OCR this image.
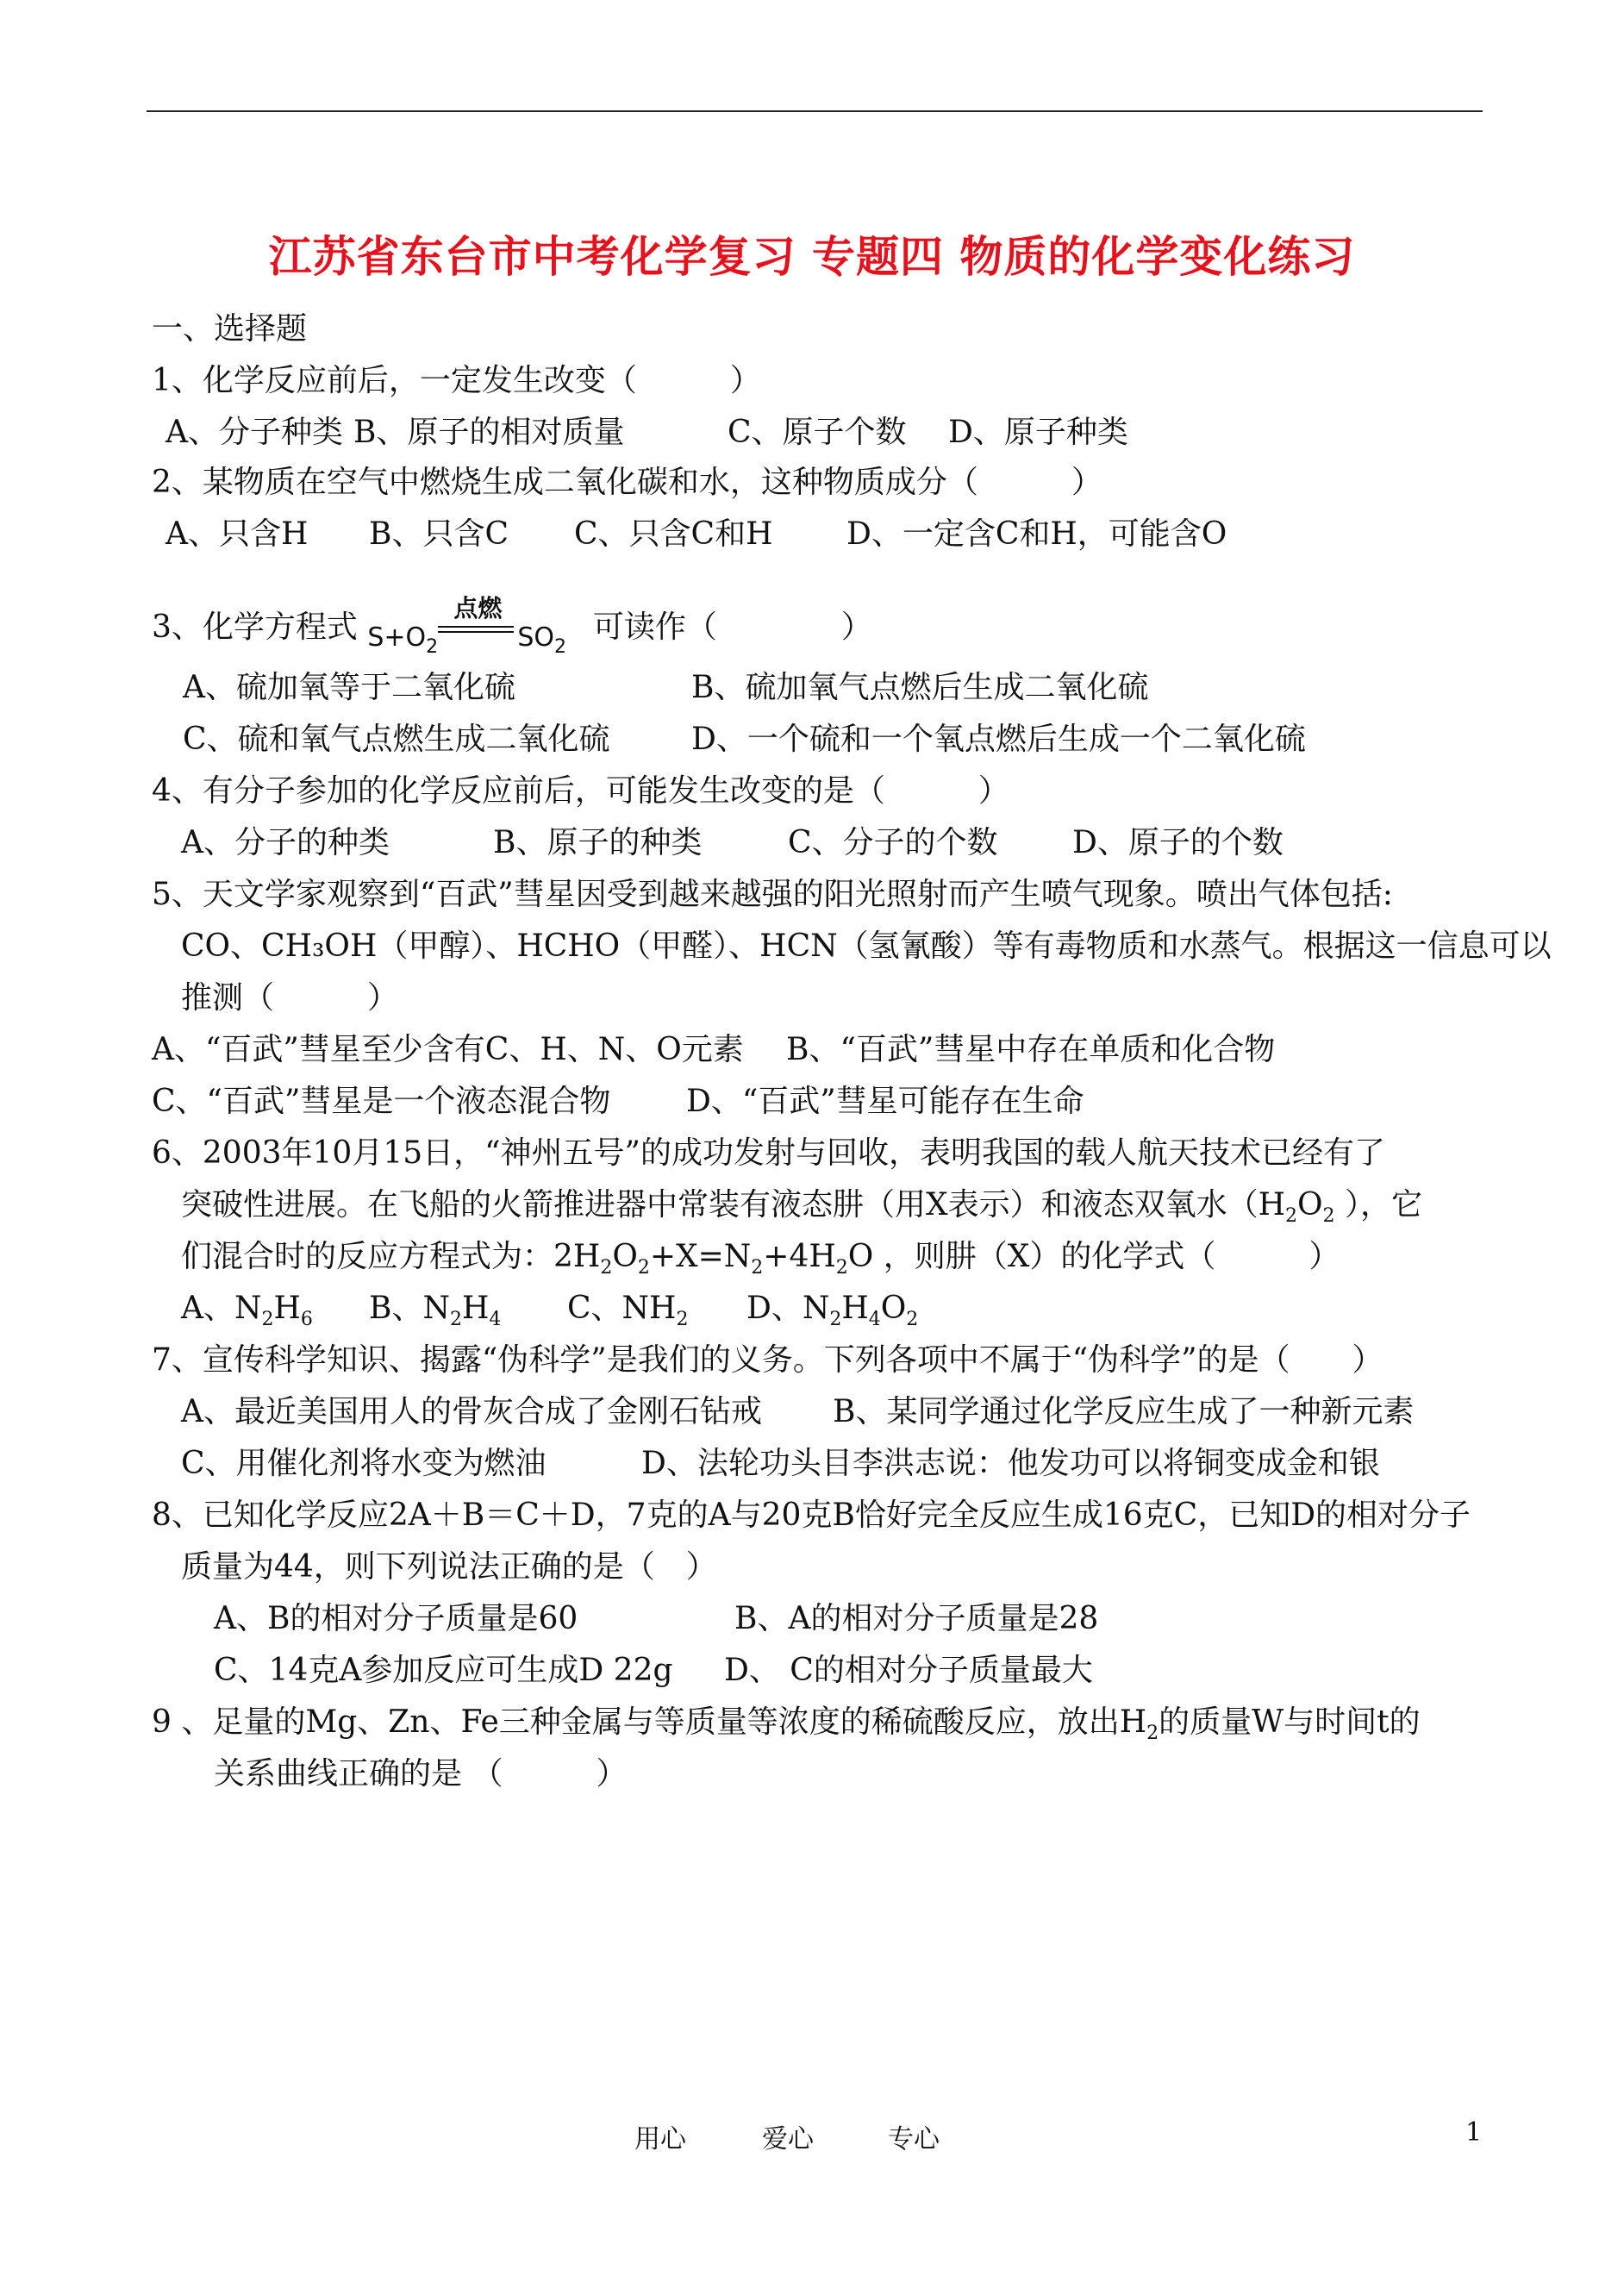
江苏省东台市中考化学复习 专题四 物质的化学变化练习
一、选择题
1、化学反应前后，一定发生改变（　　　）
A、分子种类 B、原子的相对质量	C、原子个数 D、原子种类
2、某物质在空气中燃烧生成二氧化碳和水，这种物质成分（　　　）
A、只含H B、只含C C、只含C和H D、一定含C和H，可能含O
3、化学方程式 $S+O_2$
点燃
$SO_2$
可读作（　　　　）
A、硫加氧等于二氧化硫	B、硫加氧气点燃后生成二氧化硫
C、硫和氧气点燃生成二氧化硫	D、一个硫和一个氧点燃后生成一个二氧化硫
4、有分子参加的化学反应前后，可能发生改变的是（　　　）
A、分子的种类	B、原子的种类	C、分子的个数 D、原子的个数
5、天文学家观察到“百武”彗星因受到越来越强的阳光照射而产生喷气现象。喷出气体包括:
CO、CH₃OH（甲醇）、HCHO（甲醛）、HCN（氢氰酸）等有毒物质和水蒸气。根据这一信息可以
推测（　　　）
A、“百武”彗星至少含有C、H、N、O元素 B、“百武”彗星中存在单质和化合物
C、“百武”彗星是一个液态混合物 D、“百武”彗星可能存在生命
6、2003年10月15日，“神州五号”的成功发射与回收，表明我国的载人航天技术已经有了
突破性进展。在飞船的火箭推进器中常装有液态肼（用X表示）和液态双氧水（$H_2O_2$ ），它
们混合时的反应方程式为：$2H_2O_2+X=N_2+4H_2O$ ，则肼（X）的化学式（　　　）
A、$N_2H_6$ B、$N_2H_4$ C、$NH_2$ D、$N_2H_4O_2$
7、宣传科学知识、揭露“伪科学”是我们的义务。下列各项中不属于“伪科学”的是（　　）
A、最近美国用人的骨灰合成了金刚石钻戒 B、某同学通过化学反应生成了一种新元素
C、用催化剂将水变为燃油	D、法轮功头目李洪志说：他发功可以将铜变成金和银
8、已知化学反应2A＋B＝C＋D，7克的A与20克B恰好完全反应生成16克C，已知D的相对分子
质量为44，则下列说法正确的是（　）
A、B的相对分子质量是60	B、A的相对分子质量是28
C、14克A参加反应可生成D 22g D、 C的相对分子质量最大
9 、足量的Mg、Zn、Fe三种金属与等质量等浓度的稀硫酸反应，放出$H_2$的质量W与时间t的
关系曲线正确的是 （　　　）
用心	爱心	专心	1
